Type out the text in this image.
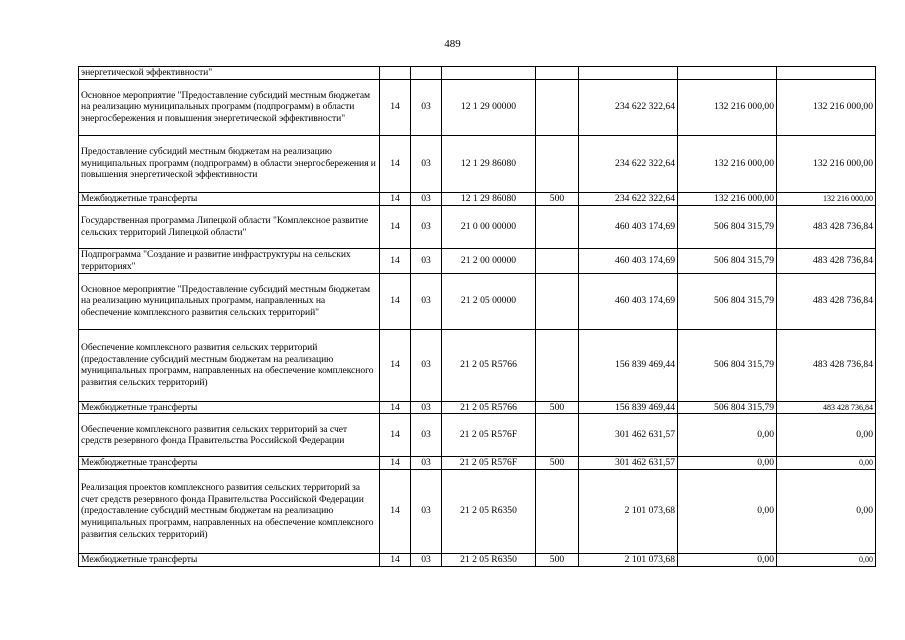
489
энергетической эффективности"							
Основное мероприятие "Предоставление субсидий местным бюджетам на реализацию муниципальных программ (подпрограмм) в области энергосбережения и повышения энергетической эффективности"	14	03	12 1 29 00000		234 622 322,64	132 216 000,00	132 216 000,00
Предоставление субсидий местным бюджетам на реализацию муниципальных программ (подпрограмм) в области энергосбережения и повышения энергетической эффективности	14	03	12 1 29 86080		234 622 322,64	132 216 000,00	132 216 000,00
Межбюджетные трансферты	14	03	12 1 29 86080	500	234 622 322,64	132 216 000,00	132 216 000,00
Государственная программа Липецкой области "Комплексное развитие сельских территорий Липецкой области"	14	03	21 0 00 00000		460 403 174,69	506 804 315,79	483 428 736,84
Подпрограмма "Создание и развитие инфраструктуры на сельских территориях"	14	03	21 2 00 00000		460 403 174,69	506 804 315,79	483 428 736,84
Основное мероприятие "Предоставление субсидий местным бюджетам на реализацию муниципальных программ, направленных на обеспечение комплексного развития сельских территорий"	14	03	21 2 05 00000		460 403 174,69	506 804 315,79	483 428 736,84
Обеспечение комплексного развития сельских территорий (предоставление субсидий местным бюджетам на реализацию муниципальных программ, направленных на обеспечение комплексного развития сельских территорий)	14	03	21 2 05 R5766		156 839 469,44	506 804 315,79	483 428 736,84
Межбюджетные трансферты	14	03	21 2 05 R5766	500	156 839 469,44	506 804 315,79	483 428 736,84
Обеспечение комплексного развития сельских территорий за счет средств резервного фонда Правительства Российской Федерации	14	03	21 2 05 R576F		301 462 631,57	0,00	0,00
Межбюджетные трансферты	14	03	21 2 05 R576F	500	301 462 631,57	0,00	0,00
Реализация проектов комплексного развития сельских территорий за счет средств резервного фонда Правительства Российской Федерации (предоставление субсидий местным бюджетам на реализацию муниципальных программ, направленных на обеспечение комплексного развития сельских территорий)	14	03	21 2 05 R6350		2 101 073,68	0,00	0,00
Межбюджетные трансферты	14	03	21 2 05 R6350	500	2 101 073,68	0,00	0,00
